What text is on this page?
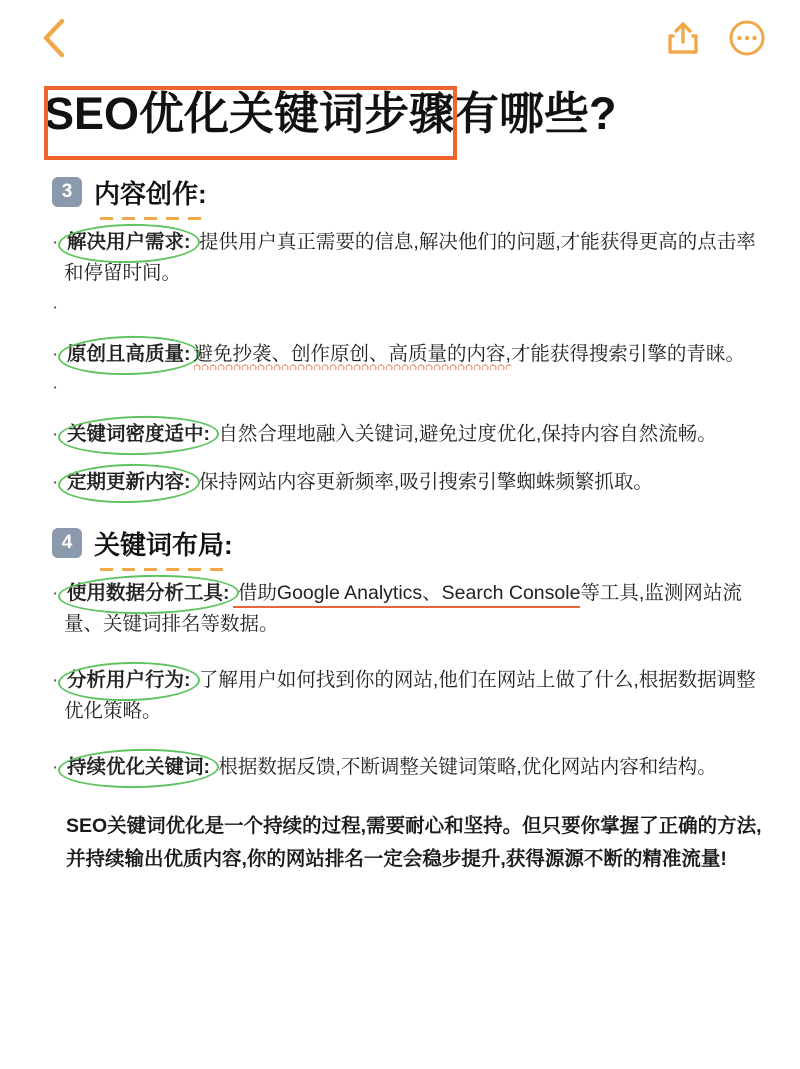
SEO优化关键词步骤有哪些?
3 内容创作:
· 解决用户需求: 提供用户真正需要的信息,解决他们的问题,才能获得更高的点击率和停留时间。
·
· 原创且高质量: 避免抄袭、创作原创、高质量的内容,才能获得搜索引擎的青睐。
·
· 关键词密度适中: 自然合理地融入关键词,避免过度优化,保持内容自然流畅。
· 定期更新内容: 保持网站内容更新频率,吸引搜索引擎蜘蛛频繁抓取。
4 关键词布局:
· 使用数据分析工具: 借助Google Analytics、Search Console等工具,监测网站流量、关键词排名等数据。
· 分析用户行为: 了解用户如何找到你的网站,他们在网站上做了什么,根据数据调整优化策略。
· 持续优化关键词: 根据数据反馈,不断调整关键词策略,优化网站内容和结构。
SEO关键词优化是一个持续的过程,需要耐心和坚持。但只要你掌握了正确的方法,并持续输出优质内容,你的网站排名一定会稳步提升,获得源源不断的精准流量!
